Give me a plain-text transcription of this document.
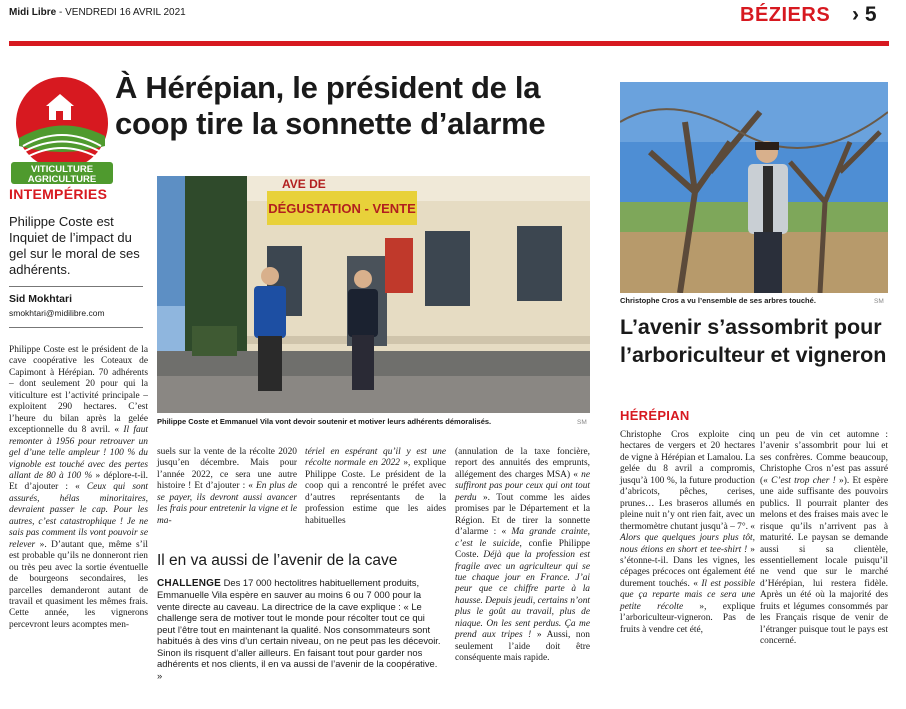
Midi Libre - VENDREDI 16 AVRIL 2021	BÉZIERS › 5
VITICULTURE
AGRICULTURE
À Hérépian, le président de la coop tire la sonnette d’alarme
INTEMPÉRIES
Philippe Coste est Inquiet de l’impact du gel sur le moral de ses adhérents.
Sid Mokhtari
smokhtari@midilibre.com
Philippe Coste est le président de la cave coopérative les Coteaux de Capimont à Hérépian. 70 adhérents – dont seulement 20 pour qui la viticulture est l’activité principale – exploitent 290 hectares. C’est l’heure du bilan après la gelée exceptionnelle du 8 avril. « Il faut remonter à 1956 pour retrouver un gel d’une telle ampleur ! 100 % du vignoble est touché avec des pertes allant de 80 à 100 % » déplore-t-il. Et d’ajouter : « Ceux qui sont assurés, hélas minoritaires, devraient passer le cap. Pour les autres, c’est catastrophique ! Je ne sais pas comment ils vont pouvoir se relever ». D’autant que, même s’il est probable qu’ils ne donneront rien ou très peu avec la sortie éventuelle de bourgeons secondaires, les parcelles demanderont autant de travail et quasiment les mêmes frais. Cette année, les vignerons percevront leurs acomptes men-
DÉGUSTATION - VENTE
AVE DE
Philippe Coste et Emmanuel Vila vont devoir soutenir et motiver leurs adhérents démoralisés.	SM
suels sur la vente de la récolte 2020 jusqu’en décembre. Mais pour l’année 2022, ce sera une autre histoire ! Et d’ajouter : « En plus de se payer, ils devront aussi avancer les frais pour entretenir la vigne et le ma-
tériel en espérant qu’il y est une récolte normale en 2022 », explique Philippe Coste. Le président de la coop qui a rencontré le préfet avec d’autres représentants de la profession estime que les aides habituelles
(annulation de la taxe foncière, report des annuités des emprunts, allégement des charges MSA) « ne suffiront pas pour ceux qui ont tout perdu ». Tout comme les aides promises par le Département et la Région. Et de tirer la sonnette d’alarme : « Ma grande crainte, c’est le suicide, confie Philippe Coste. Déjà que la profession est fragile avec un agriculteur qui se tue chaque jour en France. J’ai peur que ce chiffre parte à la hausse. Depuis jeudi, certains n’ont plus le goût au travail, plus de niaque. On les sent perdus. Ça me prend aux tripes ! » Aussi, non seulement l’aide doit être conséquente mais rapide.
Il en va aussi de l’avenir de la cave
CHALLENGE Des 17 000 hectolitres habituellement produits, Emmanuelle Vila espère en sauver au moins 6 ou 7 000 pour la vente directe au caveau. La directrice de la cave explique : « Le challenge sera de motiver tout le monde pour récolter tout ce qui peut l’être tout en maintenant la qualité. Nos consommateurs sont habitués à des vins d’un certain niveau, on ne peut pas les décevoir. Sinon ils risquent d’aller ailleurs. En faisant tout pour garder nos adhérents et nos clients, il en va aussi de l’avenir de la coopérative. »
Christophe Cros a vu l’ensemble de ses arbres touché.	SM
L’avenir s’assombrit pour l’arboriculteur et vigneron
HÉRÉPIAN
Christophe Cros exploite cinq hectares de vergers et 20 hectares de vigne à Hérépian et Lamalou. La gelée du 8 avril a compromis, jusqu’à 100 %, la future production d’abricots, pêches, cerises, prunes… Les braseros allumés en pleine nuit n’y ont rien fait, avec un thermomètre chutant jusqu’à – 7°. « Alors que quelques jours plus tôt, nous étions en short et tee-shirt ! » s’étonne-t-il. Dans les vignes, les cépages précoces ont également été durement touchés. « Il est possible que ça reparte mais ce sera une petite récolte », explique l’arboriculteur-vigneron. Pas de fruits à vendre cet été,
un peu de vin cet automne : l’avenir s’assombrit pour lui et ses confrères. Comme beaucoup, Christophe Cros n’est pas assuré (« C’est trop cher ! »). Et espère une aide suffisante des pouvoirs publics. Il pourrait planter des melons et des fraises mais avec le risque qu’ils n’arrivent pas à maturité. Le paysan se demande aussi si sa clientèle, essentiellement locale puisqu’il ne vend que sur le marché d’Hérépian, lui restera fidèle. Après un été où la majorité des fruits et légumes consommés par les Français risque de venir de l’étranger puisque tout le pays est concerné.
